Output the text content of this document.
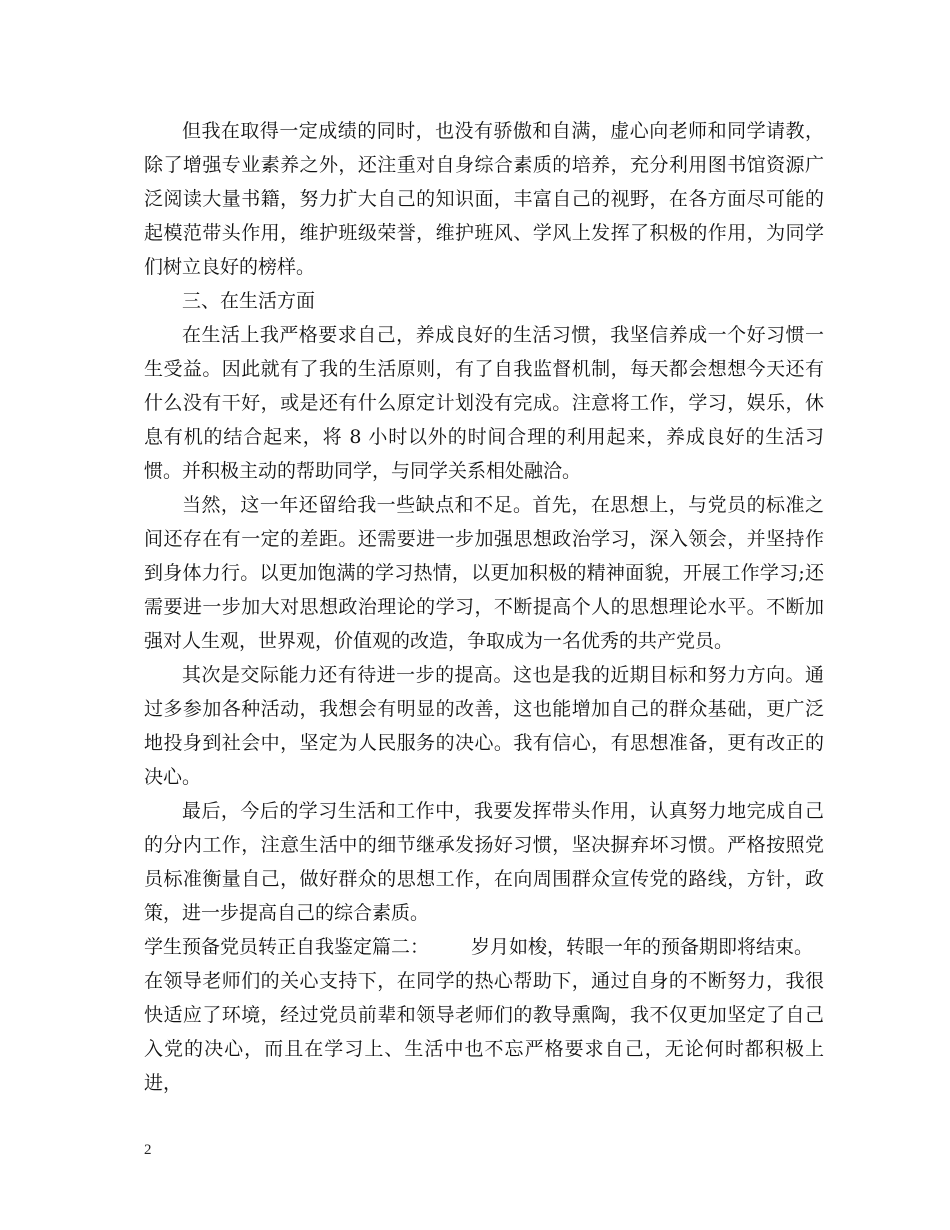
但我在取得一定成绩的同时，也没有骄傲和自满，虚心向老师和同学请教，除了增强专业素养之外，还注重对自身综合素质的培养，充分利用图书馆资源广泛阅读大量书籍，努力扩大自己的知识面，丰富自己的视野，在各方面尽可能的起模范带头作用，维护班级荣誉，维护班风、学风上发挥了积极的作用，为同学们树立良好的榜样。

三、在生活方面

在生活上我严格要求自己，养成良好的生活习惯，我坚信养成一个好习惯一生受益。因此就有了我的生活原则，有了自我监督机制，每天都会想想今天还有什么没有干好，或是还有什么原定计划没有完成。注意将工作，学习，娱乐，休息有机的结合起来，将 8 小时以外的时间合理的利用起来，养成良好的生活习惯。并积极主动的帮助同学，与同学关系相处融洽。

当然，这一年还留给我一些缺点和不足。首先，在思想上，与党员的标准之间还存在有一定的差距。还需要进一步加强思想政治学习，深入领会，并坚持作到身体力行。以更加饱满的学习热情，以更加积极的精神面貌，开展工作学习;还需要进一步加大对思想政治理论的学习，不断提高个人的思想理论水平。不断加强对人生观，世界观，价值观的改造，争取成为一名优秀的共产党员。

其次是交际能力还有待进一步的提高。这也是我的近期目标和努力方向。通过多参加各种活动，我想会有明显的改善，这也能增加自己的群众基础，更广泛地投身到社会中，坚定为人民服务的决心。我有信心，有思想准备，更有改正的决心。

最后，今后的学习生活和工作中，我要发挥带头作用，认真努力地完成自己的分内工作，注意生活中的细节继承发扬好习惯，坚决摒弃坏习惯。严格按照党员标准衡量自己，做好群众的思想工作，在向周围群众宣传党的路线，方针，政策，进一步提高自己的综合素质。

学生预备党员转正自我鉴定篇二： 岁月如梭，转眼一年的预备期即将结束。

在领导老师们的关心支持下，在同学的热心帮助下，通过自身的不断努力，我很快适应了环境，经过党员前辈和领导老师们的教导熏陶，我不仅更加坚定了自己入党的决心，而且在学习上、生活中也不忘严格要求自己，无论何时都积极上进，

2
